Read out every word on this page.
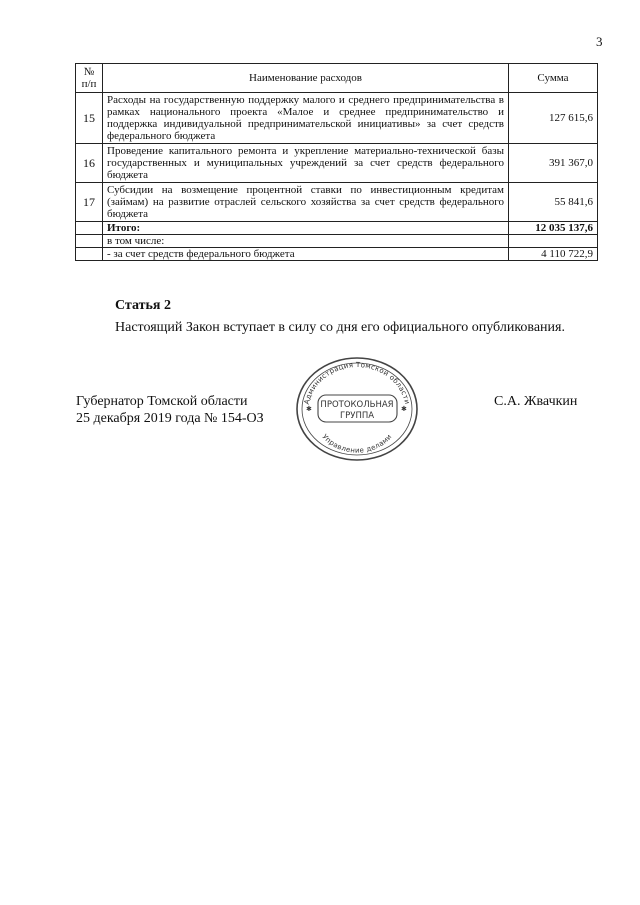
3
№ п/п	Наименование расходов	Сумма
15	Расходы на государственную поддержку малого и среднего предпринимательства в рамках национального проекта «Малое и среднее предпринимательство и поддержка индивидуальной предпринимательской инициативы» за счет средств федерального бюджета	127 615,6
16	Проведение капитального ремонта и укрепление материально-технической базы государственных и муниципальных учреждений за счет средств федерального бюджета	391 367,0
17	Субсидии на возмещение процентной ставки по инвестиционным кредитам (займам) на развитие отраслей сельского хозяйства за счет средств федерального бюджета	55 841,6
	Итого:	12 035 137,6
	в том числе:	
	- за счет средств федерального бюджета	4 110 722,9
Статья 2
Настоящий Закон вступает в силу со дня его официального опубликования.
Губернатор Томской области
25 декабря 2019 года № 154-ОЗ
С.А. Жвачкин
Администрация Томской области
Управление делами
ПРОТОКОЛЬНАЯ
ГРУППА
✱	✱
